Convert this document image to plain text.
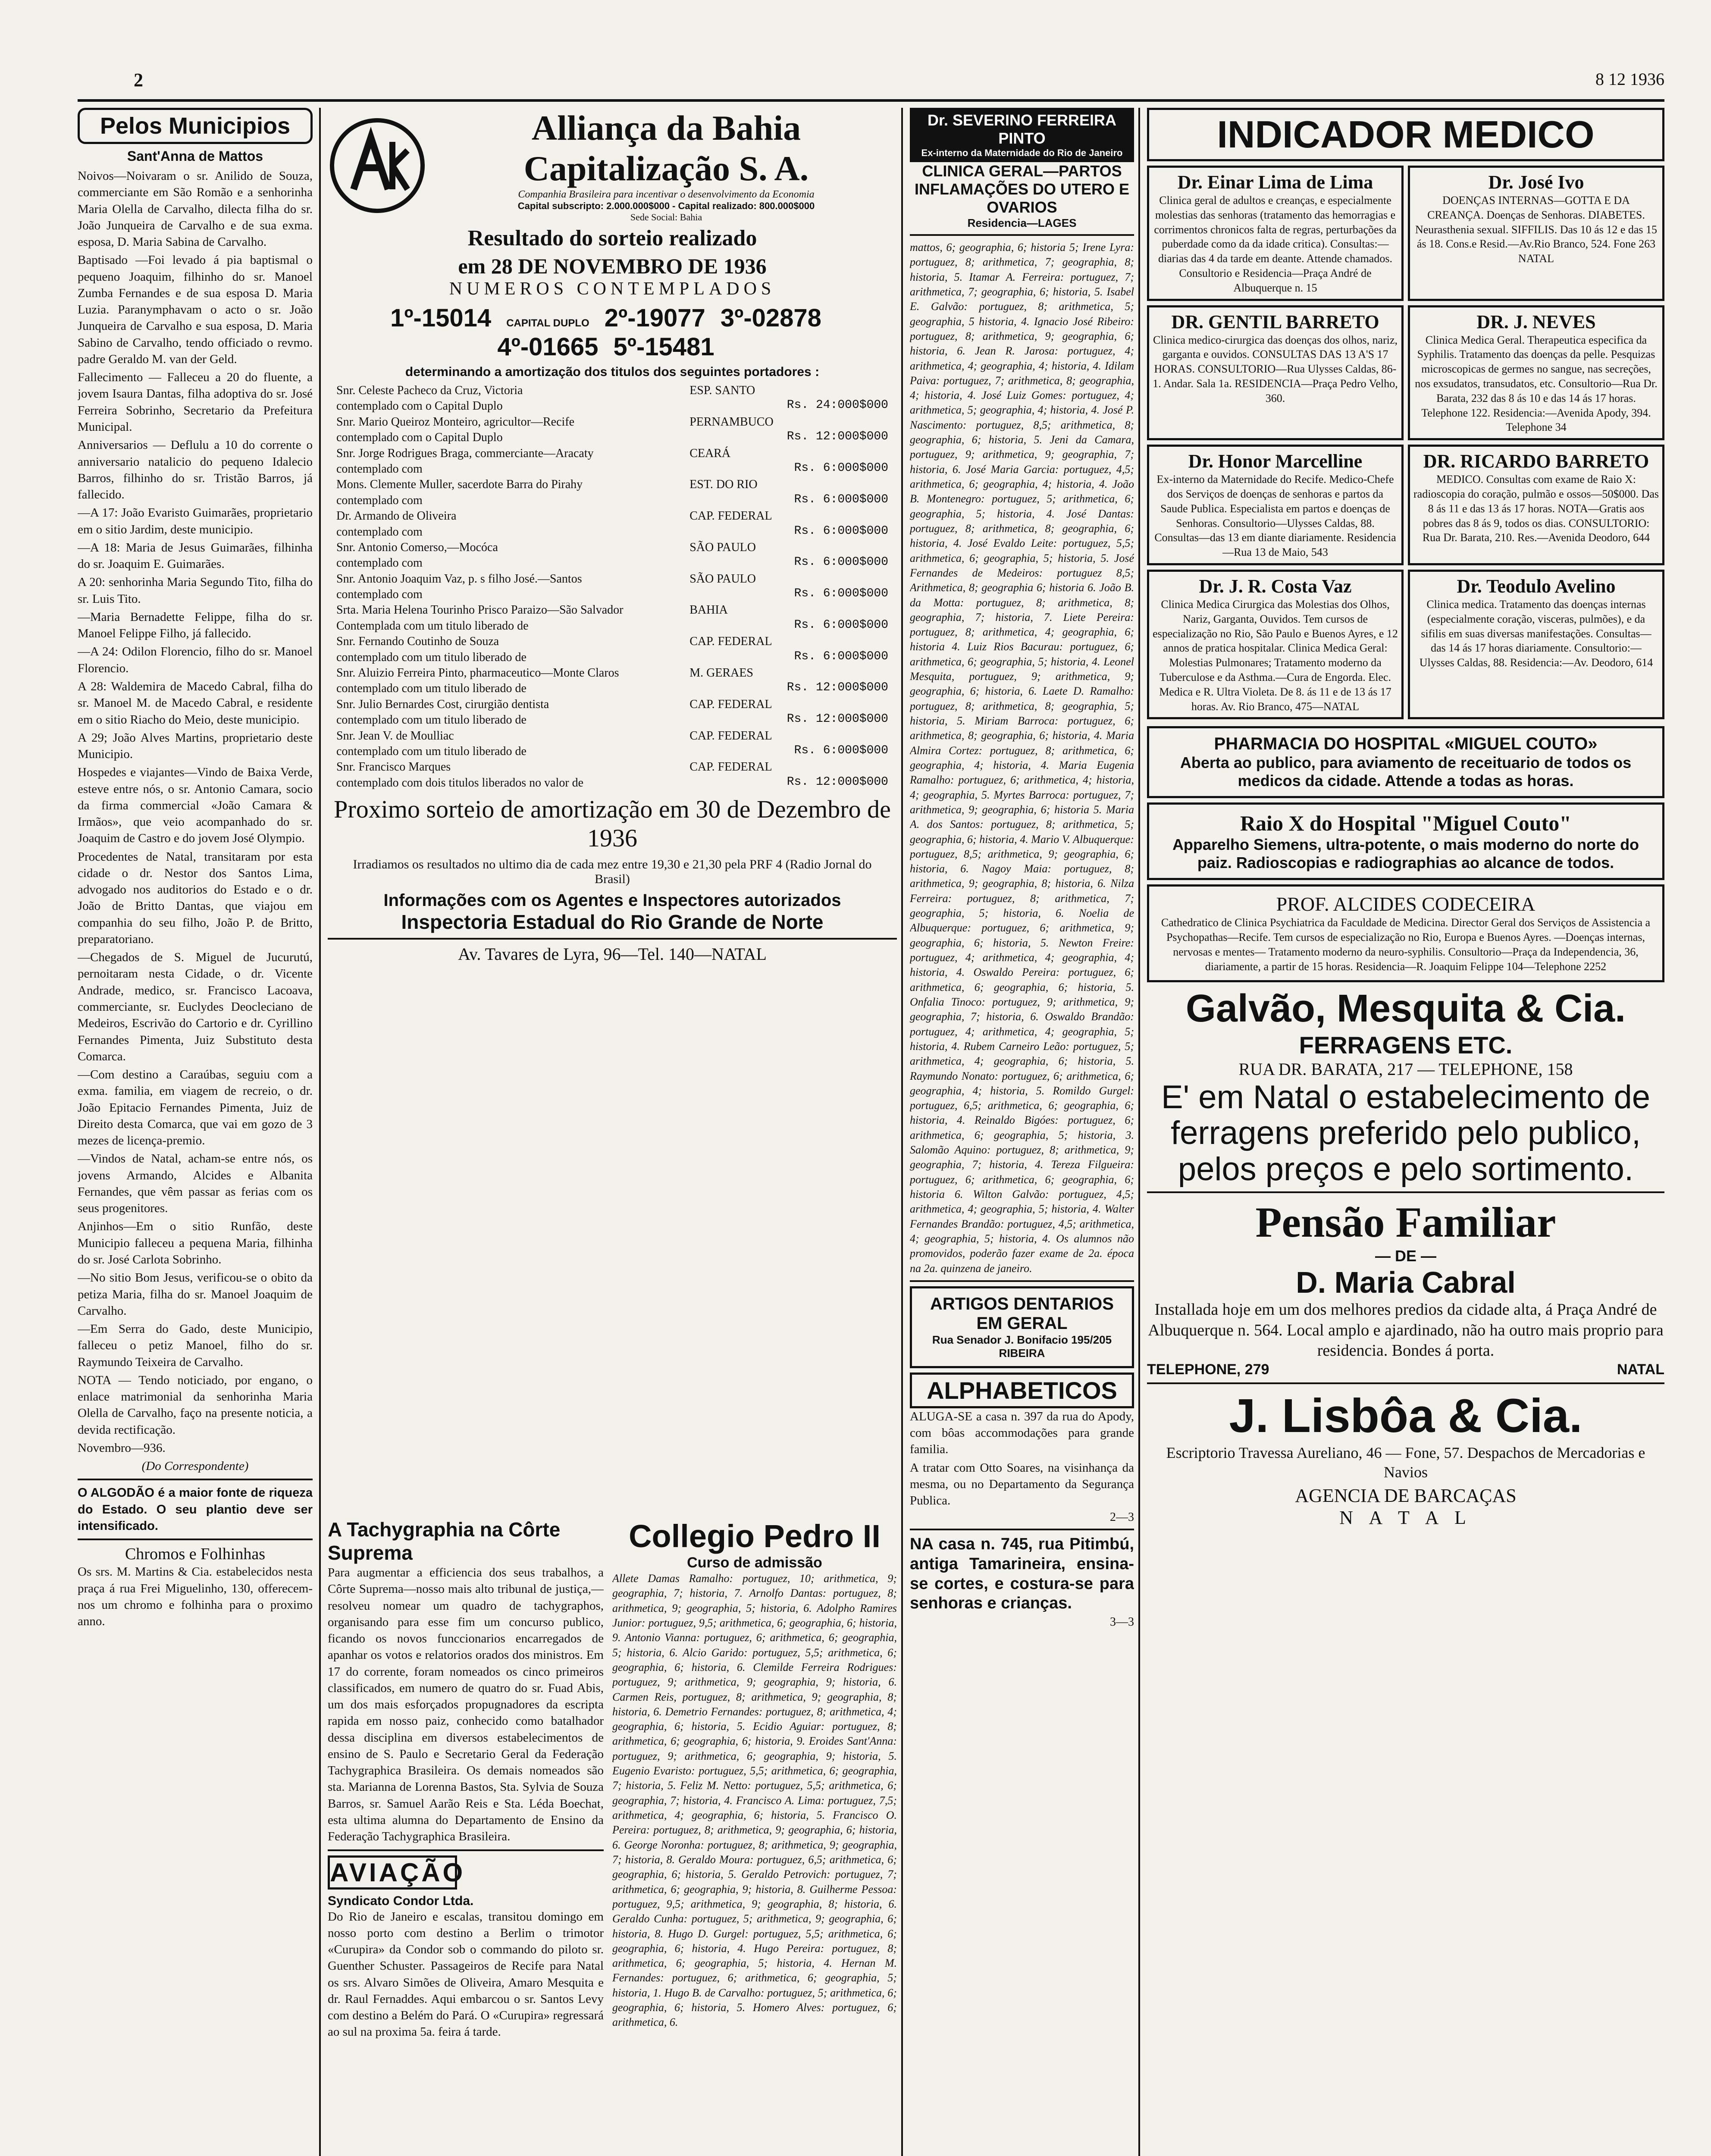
2	8 12 1936
Pelos Municipios
Sant'Anna de Mattos

Noivos—Noivaram o sr. Anilido de Souza, commerciante em São Romão e a senhorinha Maria Olella de Carvalho, dilecta filha do sr. João Junqueira de Carvalho e de sua exma. esposa, D. Maria Sabina de Carvalho.

Baptisado —Foi levado á pia baptismal o pequeno Joaquim, filhinho do sr. Manoel Zumba Fernandes e de sua esposa D. Maria Luzia. Paranymphavam o acto o sr. João Junqueira de Carvalho e sua esposa, D. Maria Sabino de Carvalho, tendo officiado o revmo. padre Geraldo M. van der Geld.

Fallecimento — Falleceu a 20 do fluente, a jovem Isaura Dantas, filha adoptiva do sr. José Ferreira Sobrinho, Secretario da Prefeitura Municipal.

Anniversarios — Deflulu a 10 do corrente o anniversario natalicio do pequeno Idalecio Barros, filhinho do sr. Tristão Barros, já fallecido.

—A 17: João Evaristo Guimarães, proprietario em o sitio Jardim, deste municipio.

—A 18: Maria de Jesus Guimarães, filhinha do sr. Joaquim E. Guimarães.

A 20: senhorinha Maria Segundo Tito, filha do sr. Luis Tito.

—Maria Bernadette Felippe, filha do sr. Manoel Felippe Filho, já fallecido.

—A 24: Odilon Florencio, filho do sr. Manoel Florencio.

A 28: Waldemira de Macedo Cabral, filha do sr. Manoel M. de Macedo Cabral, e residente em o sitio Riacho do Meio, deste municipio.

A 29; João Alves Martins, proprietario deste Municipio.

Hospedes e viajantes—Vindo de Baixa Verde, esteve entre nós, o sr. Antonio Camara, socio da firma commercial «João Camara & Irmãos», que veio acompanhado do sr. Joaquim de Castro e do jovem José Olympio.

Procedentes de Natal, transitaram por esta cidade o dr. Nestor dos Santos Lima, advogado nos auditorios do Estado e o dr. João de Britto Dantas, que viajou em companhia do seu filho, João P. de Britto, preparatoriano.

—Chegados de S. Miguel de Jucurutú, pernoitaram nesta Cidade, o dr. Vicente Andrade, medico, sr. Francisco Lacoava, commerciante, sr. Euclydes Deocleciano de Medeiros, Escrivão do Cartorio e dr. Cyrillino Fernandes Pimenta, Juiz Substituto desta Comarca.

—Com destino a Caraúbas, seguiu com a exma. familia, em viagem de recreio, o dr. João Epitacio Fernandes Pimenta, Juiz de Direito desta Comarca, que vai em gozo de 3 mezes de licença-premio.

—Vindos de Natal, acham-se entre nós, os jovens Armando, Alcides e Albanita Fernandes, que vêm passar as ferias com os seus progenitores.

Anjinhos—Em o sitio Runfão, deste Municipio falleceu a pequena Maria, filhinha do sr. José Carlota Sobrinho.

—No sitio Bom Jesus, verificou-se o obito da petiza Maria, filha do sr. Manoel Joaquim de Carvalho.

—Em Serra do Gado, deste Municipio, falleceu o petiz Manoel, filho do sr. Raymundo Teixeira de Carvalho.

NOTA — Tendo noticiado, por engano, o enlace matrimonial da senhorinha Maria Olella de Carvalho, faço na presente noticia, a devida rectificação.

Novembro—936.

(Do Correspondente)

O ALGODÃO é a maior fonte de riqueza do Estado. O seu plantio deve ser intensificado.

Chromos e Folhinhas

Os srs. M. Martins & Cia. estabelecidos nesta praça á rua Frei Miguelinho, 130, offerecem-nos um chromo e folhinha para o proximo anno.

Alliança da Bahia
Capitalização S. A.
Companhia Brasileira para incentivar o desenvolvimento da Economia
Capital subscripto: 2.000.000$000 - Capital realizado: 800.000$000
Sede Social: Bahia
Resultado do sorteio realizado
em 28 DE NOVEMBRO DE 1936
NUMEROS CONTEMPLADOS
1º-15014 CAPITAL DUPLO 2º-19077 3º-02878
4º-01665 5º-15481
determinando a amortização dos titulos dos seguintes portadores :
Snr. Celeste Pacheco da Cruz, Victoria	ESP. SANTO
contemplado com o Capital Duplo	Rs. 24:000$000
Snr. Mario Queiroz Monteiro, agricultor—Recife	PERNAMBUCO
contemplado com o Capital Duplo	Rs. 12:000$000
Snr. Jorge Rodrigues Braga, commerciante—Aracaty	CEARÁ
contemplado com	Rs. 6:000$000
Mons. Clemente Muller, sacerdote Barra do Pirahy	EST. DO RIO
contemplado com	Rs. 6:000$000
Dr. Armando de Oliveira	CAP. FEDERAL
contemplado com	Rs. 6:000$000
Snr. Antonio Comerso,—Mocóca	SÃO PAULO
contemplado com	Rs. 6:000$000
Snr. Antonio Joaquim Vaz, p. s filho José.—Santos	SÃO PAULO
contemplado com	Rs. 6:000$000
Srta. Maria Helena Tourinho Prisco Paraizo—São Salvador	BAHIA
Contemplada com um titulo liberado de	Rs. 6:000$000
Snr. Fernando Coutinho de Souza	CAP. FEDERAL
contemplado com um titulo liberado de	Rs. 6:000$000
Snr. Aluizio Ferreira Pinto, pharmaceutico—Monte Claros	M. GERAES
contemplado com um titulo liberado de	Rs. 12:000$000
Snr. Julio Bernardes Cost, cirurgião dentista	CAP. FEDERAL
contemplado com um titulo liberado de	Rs. 12:000$000
Snr. Jean V. de Moulliac	CAP. FEDERAL
contemplado com um titulo liberado de	Rs. 6:000$000
Snr. Francisco Marques	CAP. FEDERAL
contemplado com dois titulos liberados no valor de	Rs. 12:000$000
Proximo sorteio de amortização em 30 de Dezembro de 1936
Irradiamos os resultados no ultimo dia de cada mez entre 19,30 e 21,30 pela PRF 4 (Radio Jornal do Brasil)
Informações com os Agentes e Inspectores autorizados
Inspectoria Estadual do Rio Grande de Norte
Av. Tavares de Lyra, 96—Tel. 140—NATAL
A Tachygraphia na Côrte Suprema

Para augmentar a efficiencia dos seus trabalhos, a Côrte Suprema—nosso mais alto tribunal de justiça,—resolveu nomear um quadro de tachygraphos, organisando para esse fim um concurso publico, ficando os novos funccionarios encarregados de apanhar os votos e relatorios orados dos ministros. Em 17 do corrente, foram nomeados os cinco primeiros classificados, em numero de quatro do sr. Fuad Abis, um dos mais esforçados propugnadores da escripta rapida em nosso paiz, conhecido como batalhador dessa disciplina em diversos estabelecimentos de ensino de S. Paulo e Secretario Geral da Federação Tachygraphica Brasileira. Os demais nomeados são sta. Marianna de Lorenna Bastos, Sta. Sylvia de Souza Barros, sr. Samuel Aarão Reis e Sta. Léda Boechat, esta ultima alumna do Departamento de Ensino da Federação Tachygraphica Brasileira.

AVIAÇÃO
Syndicato Condor Ltda.

Do Rio de Janeiro e escalas, transitou domingo em nosso porto com destino a Berlim o trimotor «Curupira» da Condor sob o commando do piloto sr. Guenther Schuster. Passageiros de Recife para Natal os srs. Alvaro Simões de Oliveira, Amaro Mesquita e dr. Raul Fernaddes. Aqui embarcou o sr. Santos Levy com destino a Belém do Pará. O «Curupira» regressará ao sul na proxima 5a. feira á tarde.

Collegio Pedro II
Curso de admissão

Allete Damas Ramalho: portuguez, 10; arithmetica, 9; geographia, 7; historia, 7. Arnolfo Dantas: portuguez, 8; arithmetica, 9; geographia, 5; historia, 6. Adolpho Ramires Junior: portuguez, 9,5; arithmetica, 6; geographia, 6; historia, 9. Antonio Vianna: portuguez, 6; arithmetica, 6; geographia, 5; historia, 6. Alcio Garido: portuguez, 5,5; arithmetica, 6; geographia, 6; historia, 6. Clemilde Ferreira Rodrigues: portuguez, 9; arithmetica, 9; geographia, 9; historia, 6. Carmen Reis, portuguez, 8; arithmetica, 9; geographia, 8; historia, 6. Demetrio Fernandes: portuguez, 8; arithmetica, 4; geographia, 6; historia, 5. Ecidio Aguiar: portuguez, 8; arithmetica, 6; geographia, 6; historia, 9. Eroides Sant'Anna: portuguez, 9; arithmetica, 6; geographia, 9; historia, 5. Eugenio Evaristo: portuguez, 5,5; arithmetica, 6; geographia, 7; historia, 5. Feliz M. Netto: portuguez, 5,5; arithmetica, 6; geographia, 7; historia, 4. Francisco A. Lima: portuguez, 7,5; arithmetica, 4; geographia, 6; historia, 5. Francisco O. Pereira: portuguez, 8; arithmetica, 9; geographia, 6; historia, 6. George Noronha: portuguez, 8; arithmetica, 9; geographia, 7; historia, 8. Geraldo Moura: portuguez, 6,5; arithmetica, 6; geographia, 6; historia, 5. Geraldo Petrovich: portuguez, 7; arithmetica, 6; geographia, 9; historia, 8. Guilherme Pessoa: portuguez, 9,5; arithmetica, 9; geographia, 8; historia, 6. Geraldo Cunha: portuguez, 5; arithmetica, 9; geographia, 6; historia, 8. Hugo D. Gurgel: portuguez, 5,5; arithmetica, 6; geographia, 6; historia, 4. Hugo Pereira: portuguez, 8; arithmetica, 6; geographia, 5; historia, 4. Hernan M. Fernandes: portuguez, 6; arithmetica, 6; geographia, 5; historia, 1. Hugo B. de Carvalho: portuguez, 5; arithmetica, 6; geographia, 6; historia, 5. Homero Alves: portuguez, 6; arithmetica, 6.

Dr. SEVERINO FERREIRA PINTO
Ex-interno da Maternidade do Rio de Janeiro
CLINICA GERAL—PARTOS INFLAMAÇÕES DO UTERO E OVARIOS
Residencia—LAGES

mattos, 6; geographia, 6; historia 5; Irene Lyra: portuguez, 8; arithmetica, 7; geographia, 8; historia, 5. Itamar A. Ferreira: portuguez, 7; arithmetica, 7; geographia, 6; historia, 5. Isabel E. Galvão: portuguez, 8; arithmetica, 5; geographia, 5 historia, 4. Ignacio José Ribeiro: portuguez, 8; arithmetica, 9; geographia, 6; historia, 6. Jean R. Jarosa: portuguez, 4; arithmetica, 4; geographia, 4; historia, 4. Idilam Paiva: portuguez, 7; arithmetica, 8; geographia, 4; historia, 4. José Luiz Gomes: portuguez, 4; arithmetica, 5; geographia, 4; historia, 4. José P. Nascimento: portuguez, 8,5; arithmetica, 8; geographia, 6; historia, 5. Jeni da Camara, portuguez, 9; arithmetica, 9; geographia, 7; historia, 6. José Maria Garcia: portuguez, 4,5; arithmetica, 6; geographia, 4; historia, 4. João B. Montenegro: portuguez, 5; arithmetica, 6; geographia, 5; historia, 4. José Dantas: portuguez, 8; arithmetica, 8; geographia, 6; historia, 4. José Evaldo Leite: portuguez, 5,5; arithmetica, 6; geographia, 5; historia, 5. José Fernandes de Medeiros: portuguez 8,5; Arithmetica, 8; geographia 6; historia 6. João B. da Motta: portuguez, 8; arithmetica, 8; geographia, 7; historia, 7. Liete Pereira: portuguez, 8; arithmetica, 4; geographia, 6; historia 4. Luiz Rios Bacurau: portuguez, 6; arithmetica, 6; geographia, 5; historia, 4. Leonel Mesquita, portuguez, 9; arithmetica, 9; geographia, 6; historia, 6. Laete D. Ramalho: portuguez, 8; arithmetica, 8; geographia, 5; historia, 5. Miriam Barroca: portuguez, 6; arithmetica, 8; geographia, 6; historia, 4. Maria Almira Cortez: portuguez, 8; arithmetica, 6; geographia, 4; historia, 4. Maria Eugenia Ramalho: portuguez, 6; arithmetica, 4; historia, 4; geographia, 5. Myrtes Barroca: portuguez, 7; arithmetica, 9; geographia, 6; historia 5. Maria A. dos Santos: portuguez, 8; arithmetica, 5; geographia, 6; historia, 4. Mario V. Albuquerque: portuguez, 8,5; arithmetica, 9; geographia, 6; historia, 6. Nagoy Maia: portuguez, 8; arithmetica, 9; geographia, 8; historia, 6. Nilza Ferreira: portuguez, 8; arithmetica, 7; geographia, 5; historia, 6. Noelia de Albuquerque: portuguez, 6; arithmetica, 9; geographia, 6; historia, 5. Newton Freire: portuguez, 4; arithmetica, 4; geographia, 4; historia, 4. Oswaldo Pereira: portuguez, 6; arithmetica, 6; geographia, 6; historia, 5. Onfalia Tinoco: portuguez, 9; arithmetica, 9; geographia, 7; historia, 6. Oswaldo Brandão: portuguez, 4; arithmetica, 4; geographia, 5; historia, 4. Rubem Carneiro Leão: portuguez, 5; arithmetica, 4; geographia, 6; historia, 5. Raymundo Nonato: portuguez, 6; arithmetica, 6; geographia, 4; historia, 5. Romildo Gurgel: portuguez, 6,5; arithmetica, 6; geographia, 6; historia, 4. Reinaldo Bigóes: portuguez, 6; arithmetica, 6; geographia, 5; historia, 3. Salomão Aquino: portuguez, 8; arithmetica, 9; geographia, 7; historia, 4. Tereza Filgueira: portuguez, 6; arithmetica, 6; geographia, 6; historia 6. Wilton Galvão: portuguez, 4,5; arithmetica, 4; geographia, 5; historia, 4. Walter Fernandes Brandão: portuguez, 4,5; arithmetica, 4; geographia, 5; historia, 4. Os alumnos não promovidos, poderão fazer exame de 2a. época na 2a. quinzena de janeiro.

ARTIGOS DENTARIOS EM GERAL
Rua Senador J. Bonifacio 195/205 RIBEIRA
ALPHABETICOS

ALUGA-SE a casa n. 397 da rua do Apody, com bôas accommodações para grande familia.

A tratar com Otto Soares, na visinhança da mesma, ou no Departamento da Segurança Publica.

2—3

NA casa n. 745, rua Pitimbú, antiga Tamarineira, ensina-se cortes, e costura-se para senhoras e crianças.

3—3
INDICADOR MEDICO
Dr. Einar Lima de Lima
Clinica geral de adultos e creanças, e especialmente molestias das senhoras (tratamento das hemorragias e corrimentos chronicos falta de regras, perturbações da puberdade como da da idade critica). Consultas:—diarias das 4 da tarde em deante. Attende chamados. Consultorio e Residencia—Praça André de Albuquerque n. 15
Dr. José Ivo
DOENÇAS INTERNAS—GOTTA E DA CREANÇA. Doenças de Senhoras. DIABETES. Neurasthenia sexual. SIFFILIS. Das 10 ás 12 e das 15 ás 18. Cons.e Resid.—Av.Rio Branco, 524. Fone 263 NATAL
DR. GENTIL BARRETO
Clinica medico-cirurgica das doenças dos olhos, nariz, garganta e ouvidos. CONSULTAS DAS 13 A'S 17 HORAS. CONSULTORIO—Rua Ulysses Caldas, 86-1. Andar. Sala 1a. RESIDENCIA—Praça Pedro Velho, 360.
DR. J. NEVES
Clinica Medica Geral. Therapeutica especifica da Syphilis. Tratamento das doenças da pelle. Pesquizas microscopicas de germes no sangue, nas secreções, nos exsudatos, transudatos, etc. Consultorio—Rua Dr. Barata, 232 das 8 ás 10 e das 14 ás 17 horas. Telephone 122. Residencia:—Avenida Apody, 394. Telephone 34
Dr. Honor Marcelline
Ex-interno da Maternidade do Recife. Medico-Chefe dos Serviços de doenças de senhoras e partos da Saude Publica. Especialista em partos e doenças de Senhoras. Consultorio—Ulysses Caldas, 88. Consultas—das 13 em diante diariamente. Residencia—Rua 13 de Maio, 543
DR. RICARDO BARRETO
MEDICO. Consultas com exame de Raio X: radioscopia do coração, pulmão e ossos—50$000. Das 8 ás 11 e das 13 ás 17 horas. NOTA—Gratis aos pobres das 8 ás 9, todos os dias. CONSULTORIO: Rua Dr. Barata, 210. Res.—Avenida Deodoro, 644
Dr. J. R. Costa Vaz
Clinica Medica Cirurgica das Molestias dos Olhos, Nariz, Garganta, Ouvidos. Tem cursos de especialização no Rio, São Paulo e Buenos Ayres, e 12 annos de pratica hospitalar. Clinica Medica Geral: Molestias Pulmonares; Tratamento moderno da Tuberculose e da Asthma.—Cura de Engorda. Elec. Medica e R. Ultra Violeta. De 8. ás 11 e de 13 ás 17 horas. Av. Rio Branco, 475—NATAL
Dr. Teodulo Avelino
Clinica medica. Tratamento das doenças internas (especialmente coração, visceras, pulmões), e da sifilis em suas diversas manifestações. Consultas—das 14 ás 17 horas diariamente. Consultorio:—Ulysses Caldas, 88. Residencia:—Av. Deodoro, 614
PHARMACIA DO HOSPITAL «MIGUEL COUTO»
Aberta ao publico, para aviamento de receituario de todos os medicos da cidade. Attende a todas as horas.
Raio X do Hospital "Miguel Couto"
Apparelho Siemens, ultra-potente, o mais moderno do norte do paiz. Radioscopias e radiographias ao alcance de todos.
PROF. ALCIDES CODECEIRA
Cathedratico de Clinica Psychiatrica da Faculdade de Medicina. Director Geral dos Serviços de Assistencia a Psychopathas—Recife. Tem cursos de especialização no Rio, Europa e Buenos Ayres. —Doenças internas, nervosas e mentes— Tratamento moderno da neuro-syphilis. Consultorio—Praça da Independencia, 36, diariamente, a partir de 15 horas. Residencia—R. Joaquim Felippe 104—Telephone 2252
Galvão, Mesquita & Cia.
FERRAGENS ETC.
RUA DR. BARATA, 217 — TELEPHONE, 158
E' em Natal o estabelecimento de ferragens preferido pelo publico, pelos preços e pelo sortimento.
Pensão Familiar
— DE —
D. Maria Cabral
Installada hoje em um dos melhores predios da cidade alta, á Praça André de Albuquerque n. 564. Local amplo e ajardinado, não ha outro mais proprio para residencia. Bondes á porta.
TELEPHONE, 279	NATAL
J. Lisbôa & Cia.
Escriptorio Travessa Aureliano, 46 — Fone, 57. Despachos de Mercadorias e Navios
AGENCIA DE BARCAÇAS
N A T A L
